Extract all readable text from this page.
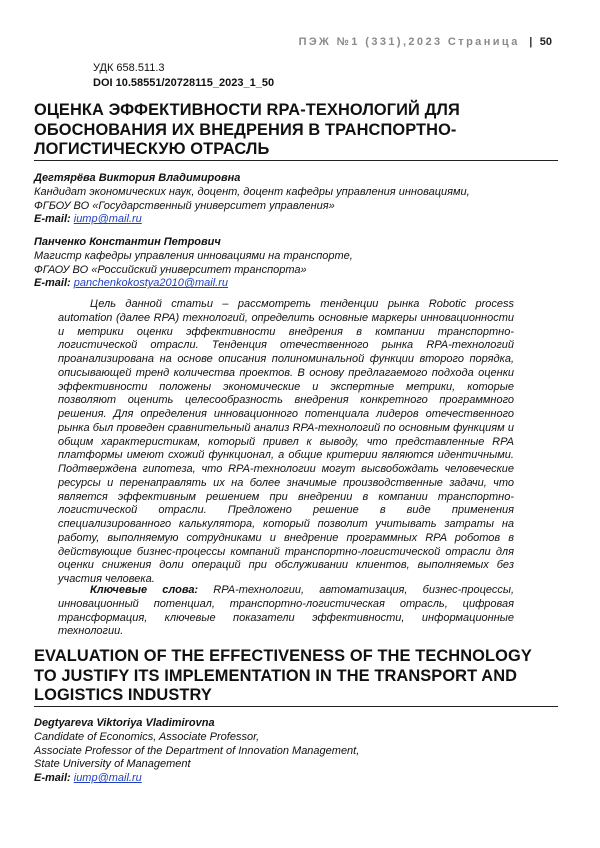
ПЭЖ №1 (331),2023 Страница | 50
УДК 658.511.3
DOI 10.58551/20728115_2023_1_50
ОЦЕНКА ЭФФЕКТИВНОСТИ RPA-ТЕХНОЛОГИЙ ДЛЯ ОБОСНОВАНИЯ ИХ ВНЕДРЕНИЯ В ТРАНСПОРТНО-ЛОГИСТИЧЕСКУЮ ОТРАСЛЬ
Дегтярёва Виктория Владимировна
Кандидат экономических наук, доцент, доцент кафедры управления инновациями,
ФГБОУ ВО «Государственный университет управления»
E-mail: iump@mail.ru
Панченко Константин Петрович
Магистр кафедры управления инновациями на транспорте,
ФГАОУ ВО «Российский университет транспорта»
E-mail: panchenkokostya2010@mail.ru

Цель данной статьи – рассмотреть тенденции рынка Robotic process automation (далее RPA) технологий, определить основные маркеры инновационности и метрики оценки эффективности внедрения в компании транспортно-логистической отрасли. Тенденция отечественного рынка RPA-технологий проанализирована на основе описания полиноминальной функции второго порядка, описывающей тренд количества проектов. В основу предлагаемого подхода оценки эффективности положены экономические и экспертные метрики, которые позволяют оценить целесообразность внедрения конкретного программного решения. Для определения инновационного потенциала лидеров отечественного рынка был проведен сравнительный анализ RPA-технологий по основным функциям и общим характеристикам, который привел к выводу, что представленные RPA платформы имеют схожий функционал, а общие критерии являются идентичными. Подтверждена гипотеза, что RPA-технологии могут высвобождать человеческие ресурсы и перенаправлять их на более значимые производственные задачи, что является эффективным решением при внедрении в компании транспортно-логистической отрасли. Предложено решение в виде применения специализированного калькулятора, который позволит учитывать затраты на работу, выполняемую сотрудниками и внедрение программных RPA роботов в действующие бизнес-процессы компаний транспортно-логистической отрасли для оценки снижения доли операций при обслуживании клиентов, выполняемых без участия человека.

Ключевые слова: RPA-технологии, автоматизация, бизнес-процессы, инновационный потенциал, транспортно-логистическая отрасль, цифровая трансформация, ключевые показатели эффективности, информационные технологии.

EVALUATION OF THE EFFECTIVENESS OF THE TECHNOLOGY TO JUSTIFY ITS IMPLEMENTATION IN THE TRANSPORT AND LOGISTICS INDUSTRY
Degtyareva Viktoriya Vladimirovna
Candidate of Economics, Associate Professor,
Associate Professor of the Department of Innovation Management,
State University of Management
E-mail: iump@mail.ru
